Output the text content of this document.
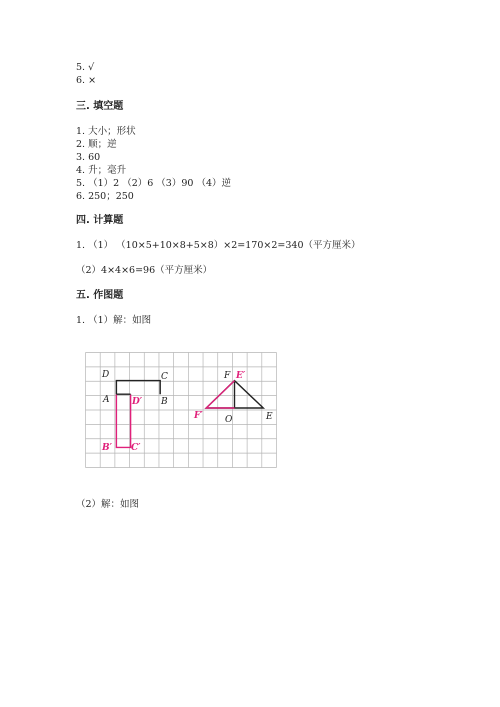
5. √
6. ×
三. 填空题
1. 大小；形状
2. 顺；逆
3. 60
4. 升；毫升
5. （1）2 （2）6 （3）90 （4）逆
6. 250；250
四. 计算题
1. （1） （10×5+10×8+5×8）×2=170×2=340（平方厘米）
（2）4×4×6=96（平方厘米）
五. 作图题
1. （1）解：如图
D	C
A	B
D′
B′ C′
F E′
F′ O	E
（2）解：如图
